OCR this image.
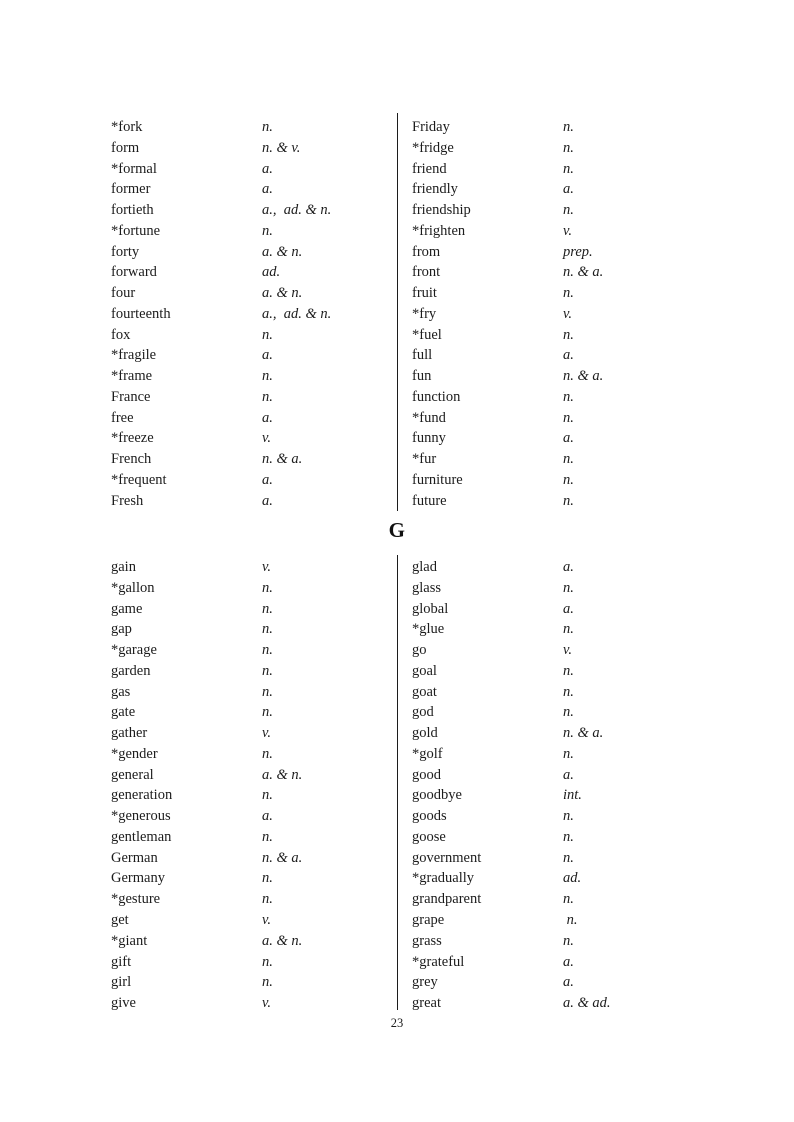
G
*fork	n.
form	n. & v.
*formal	a.
former	a.
fortieth	a.,  ad. & n.
*fortune	n.
forty	a. & n.
forward	ad.
four	a. & n.
fourteenth	a.,  ad. & n.
fox	n.
*fragile	a.
*frame	n.
France	n.
free	a.
*freeze	v.
French	n. & a.
*frequent	a.
Fresh	a.
Friday	n.
*fridge	n.
friend	n.
friendly	a.
friendship	n.
*frighten	v.
from	prep.
front	n. & a.
fruit	n.
*fry	v.
*fuel	n.
full	a.
fun	n. & a.
function	n.
*fund	n.
funny	a.
*fur	n.
furniture	n.
future	n.
gain	v.
*gallon	n.
game	n.
gap	n.
*garage	n.
garden	n.
gas	n.
gate	n.
gather	v.
*gender	n.
general	a. & n.
generation	n.
*generous	a.
gentleman	n.
German	n. & a.
Germany	n.
*gesture	n.
get	v.
*giant	a. & n.
gift	n.
girl	n.
give	v.
glad	a.
glass	n.
global	a.
*glue	n.
go	v.
goal	n.
goat	n.
god	n.
gold	n. & a.
*golf	n.
good	a.
goodbye	int.
goods	n.
goose	n.
government	n.
*gradually	ad.
grandparent	n.
grape	n.
grass	n.
*grateful	a.
grey	a.
great	a. & ad.
23
